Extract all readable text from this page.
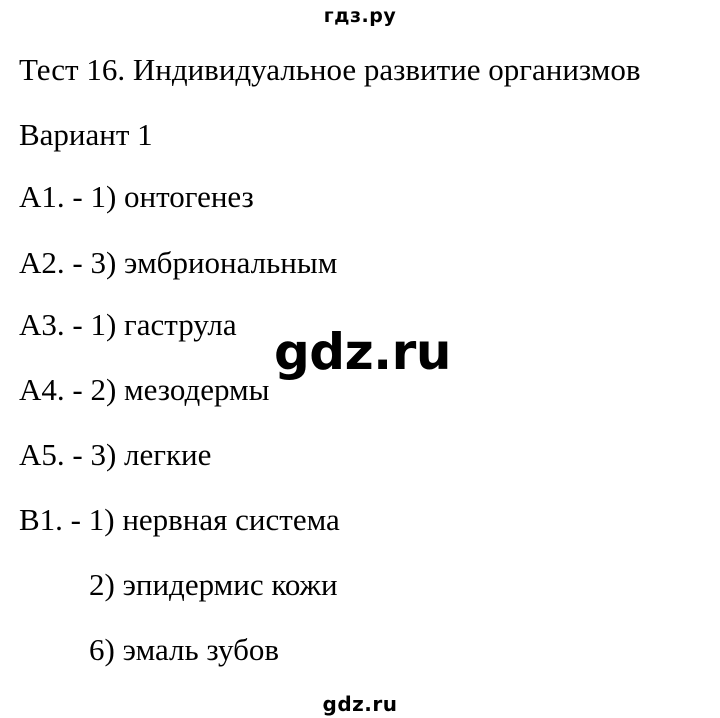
гдз.ру
Тест 16. Индивидуальное развитие организмов
Вариант 1
А1. - 1) онтогенез
А2. - 3) эмбриональным
А3. - 1) гаструла
А4. - 2) мезодермы
А5. - 3) легкие
В1. - 1) нервная система
2) эпидермис кожи
6) эмаль зубов
gdz.ru
gdz.ru
